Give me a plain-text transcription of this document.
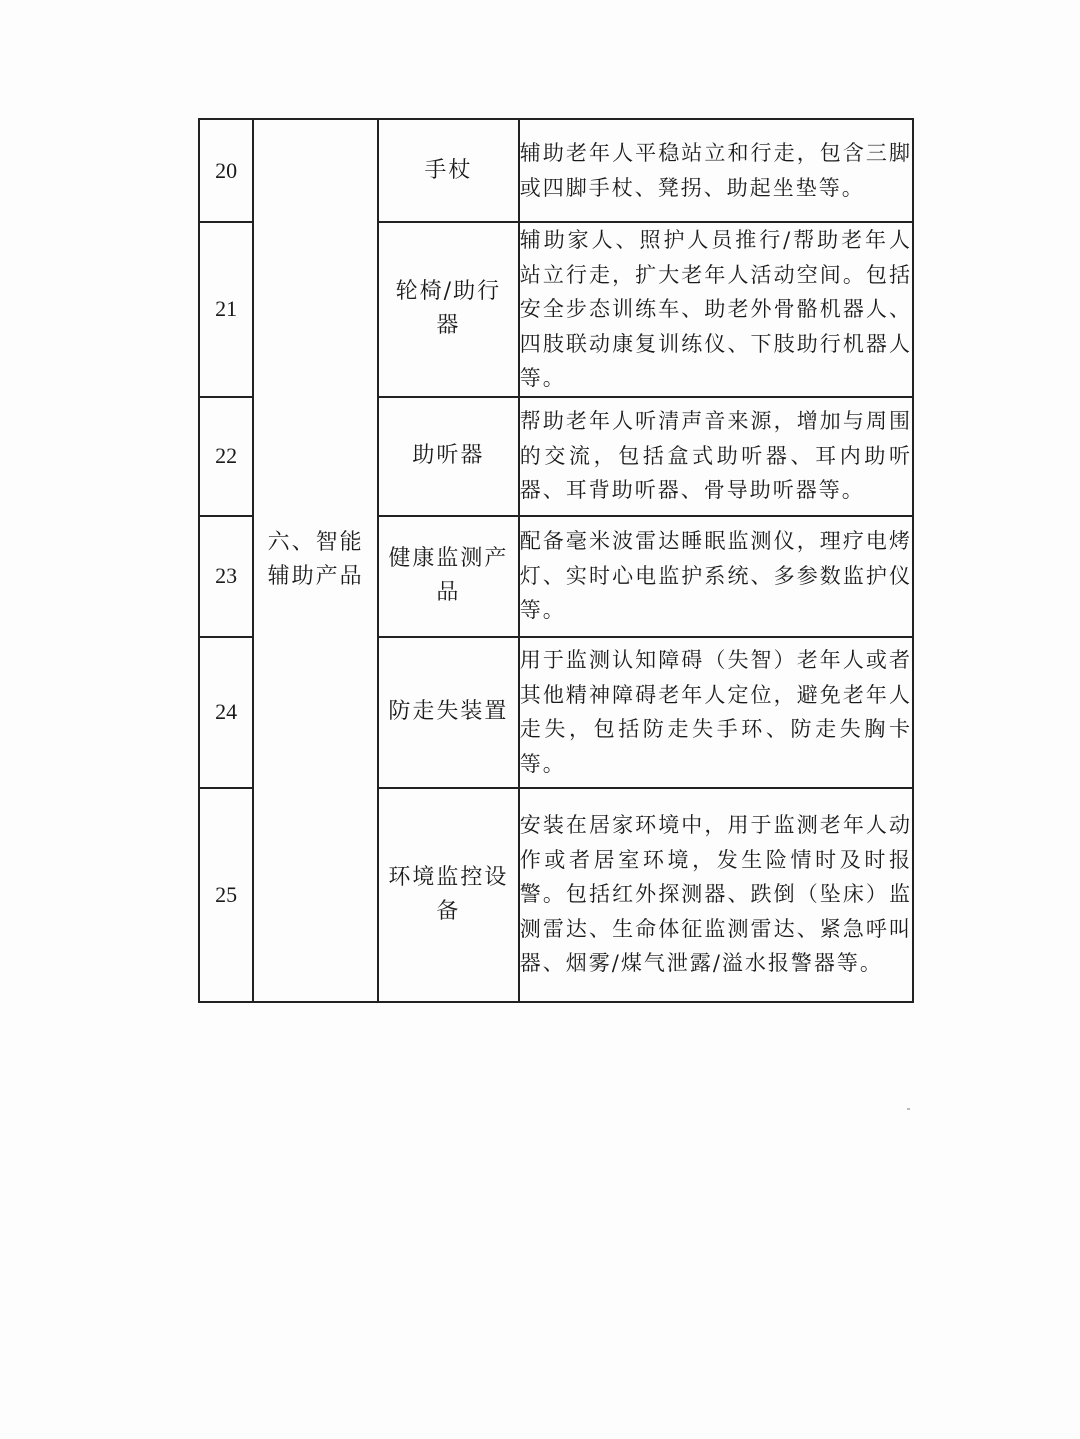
20	六、智能辅助产品	手杖	辅助老年人平稳站立和行走，包含三脚或四脚手杖、凳拐、助起坐垫等。
21		轮椅/助行器	辅助家人、照护人员推行/帮助老年人站立行走，扩大老年人活动空间。包括安全步态训练车、助老外骨骼机器人、四肢联动康复训练仪、下肢助行机器人等。
22		助听器	帮助老年人听清声音来源，增加与周围的交流，包括盒式助听器、耳内助听器、耳背助听器、骨导助听器等。
23		健康监测产品	配备毫米波雷达睡眠监测仪，理疗电烤灯、实时心电监护系统、多参数监护仪等。
24		防走失装置	用于监测认知障碍（失智）老年人或者其他精神障碍老年人定位，避免老年人走失，包括防走失手环、防走失胸卡等。
25		环境监控设备	安装在居家环境中，用于监测老年人动作或者居室环境，发生险情时及时报警。包括红外探测器、跌倒（坠床）监测雷达、生命体征监测雷达、紧急呼叫器、烟雾/煤气泄露/溢水报警器等。
